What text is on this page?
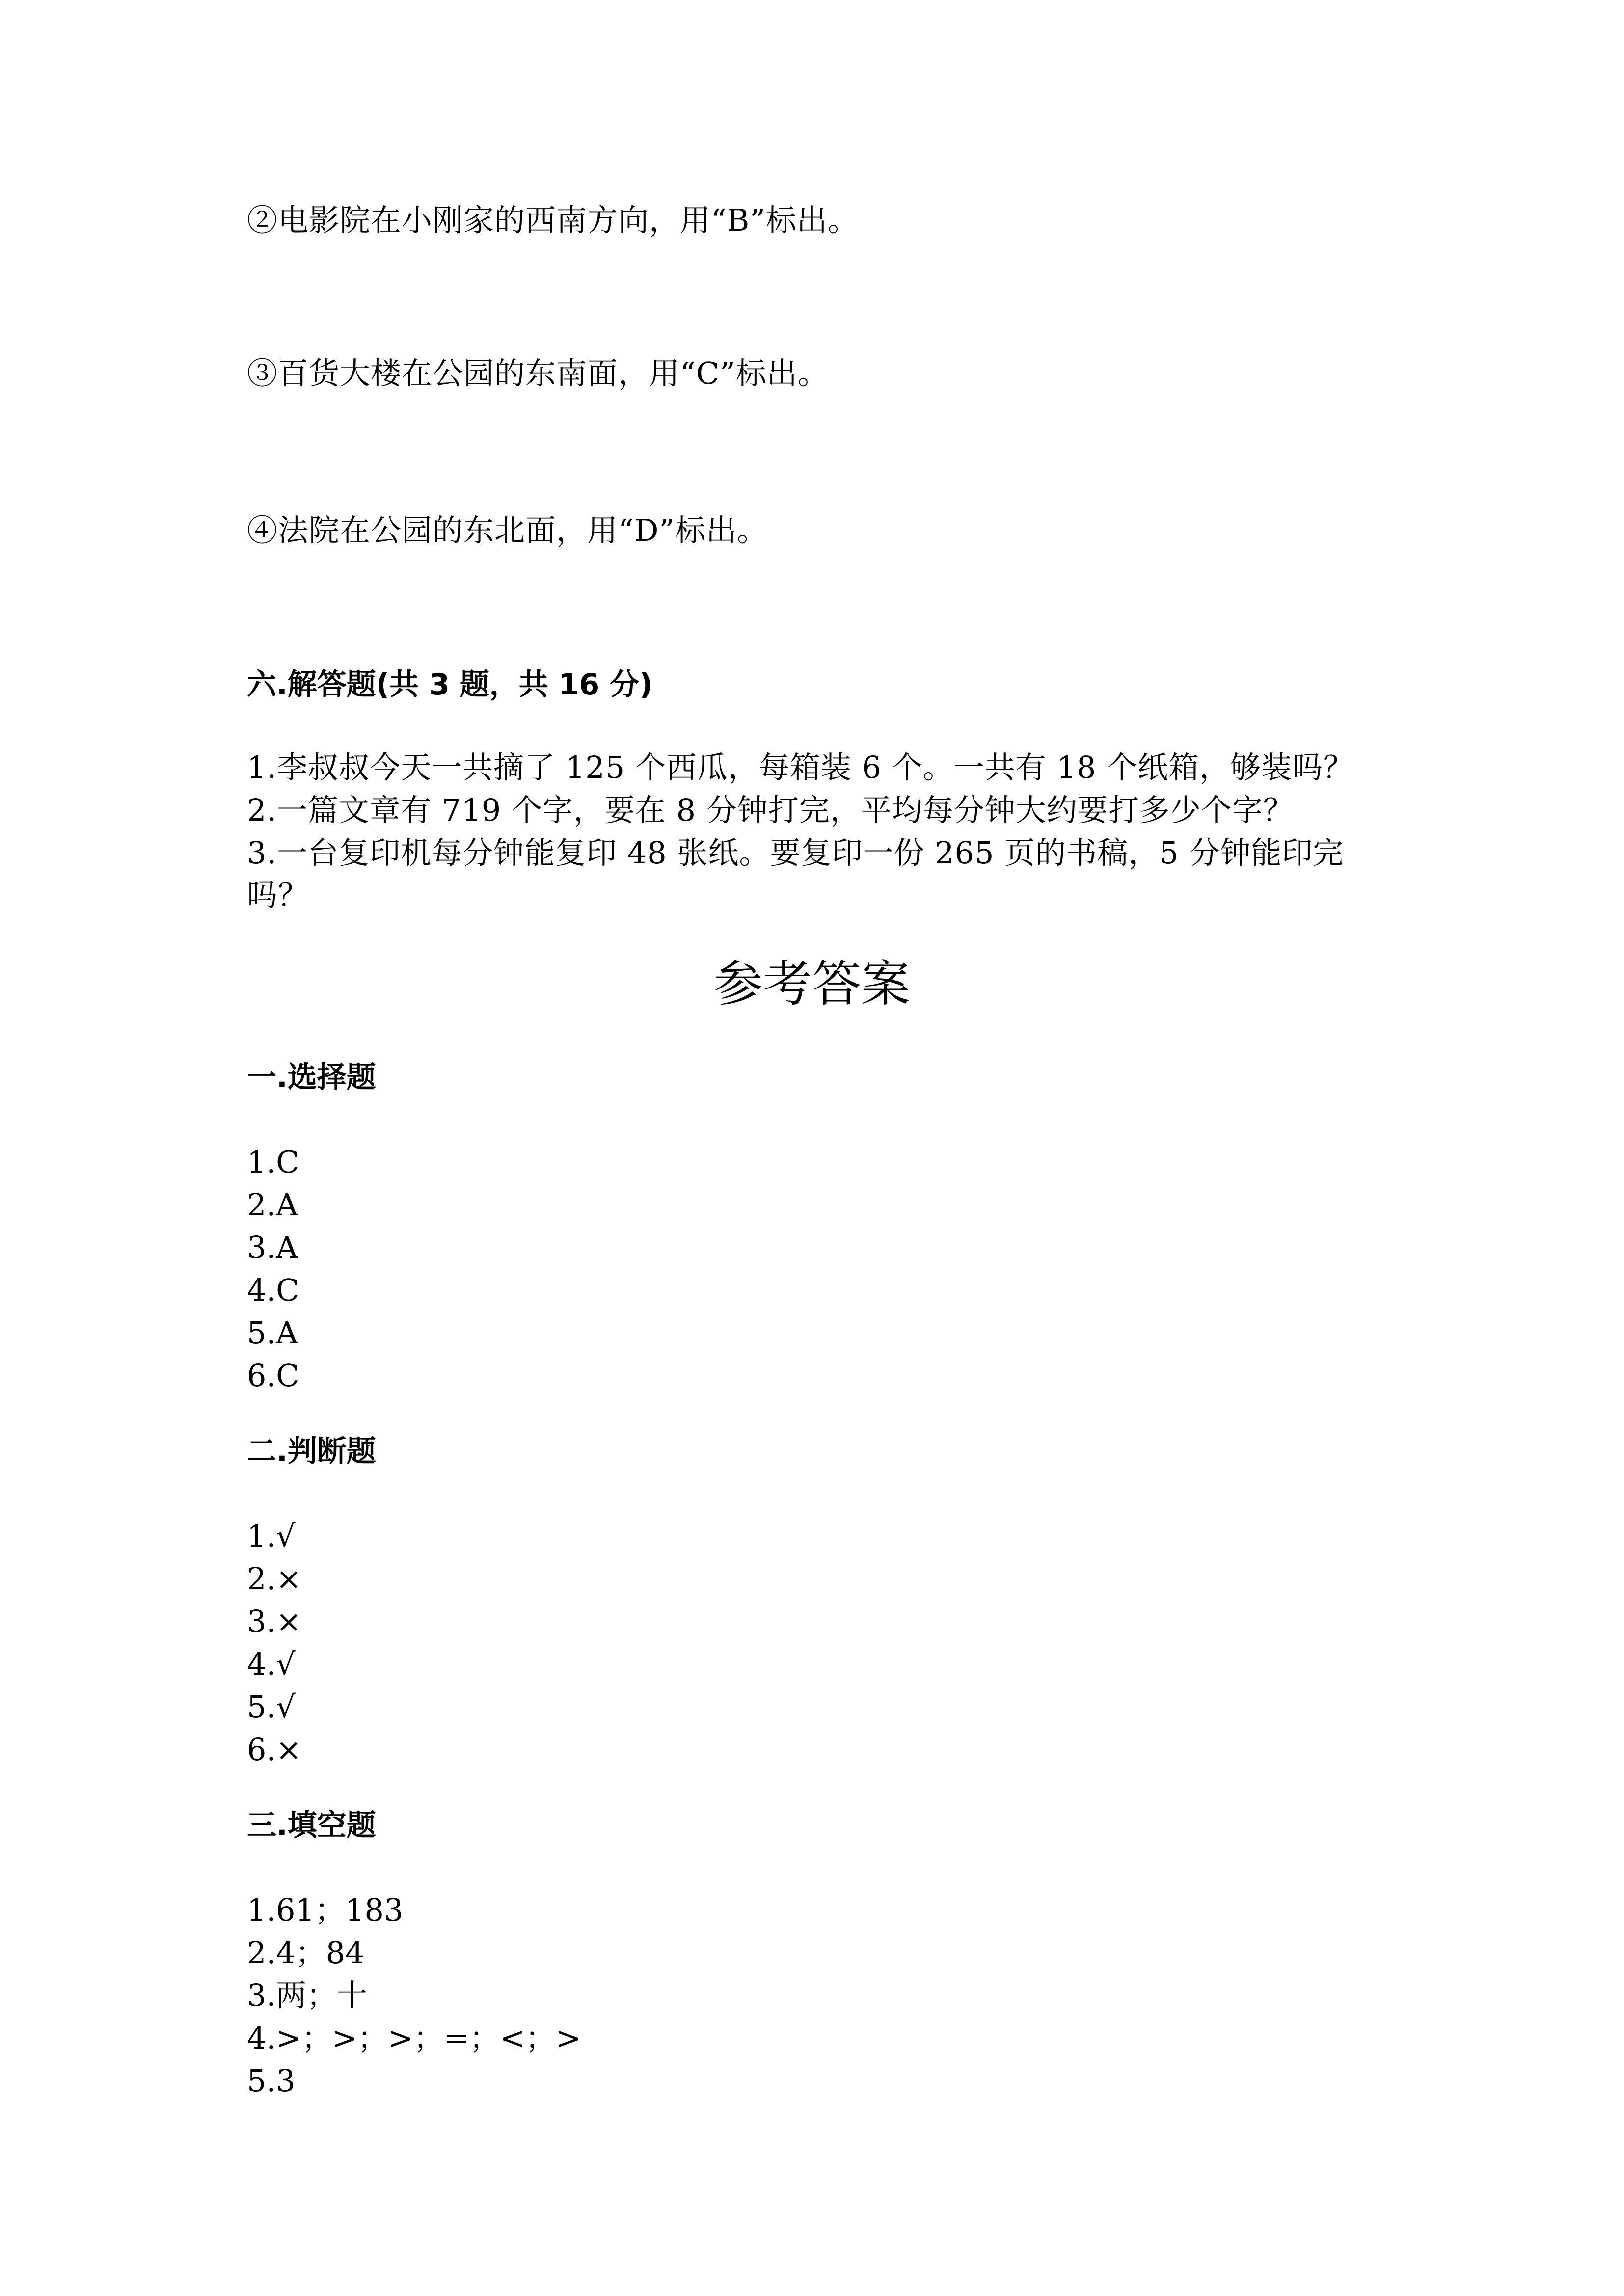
②电影院在小刚家的西南方向，用“B”标出。
③百货大楼在公园的东南面，用“C”标出。
④法院在公园的东北面，用“D”标出。
六.解答题(共 3 题，共 16 分)
1.李叔叔今天一共摘了 125 个西瓜，每箱装 6 个。一共有 18 个纸箱，够装吗？
2.一篇文章有 719 个字，要在 8 分钟打完，平均每分钟大约要打多少个字？
3.一台复印机每分钟能复印 48 张纸。要复印一份 265 页的书稿，5 分钟能印完
吗？
参考答案
一.选择题
1.C
2.A
3.A
4.C
5.A
6.C
二.判断题
1.√
2.×
3.×
4.√
5.√
6.×
三.填空题
1.61；183
2.4；84
3.两；十
4.>；>；>；=；<；>
5.3
